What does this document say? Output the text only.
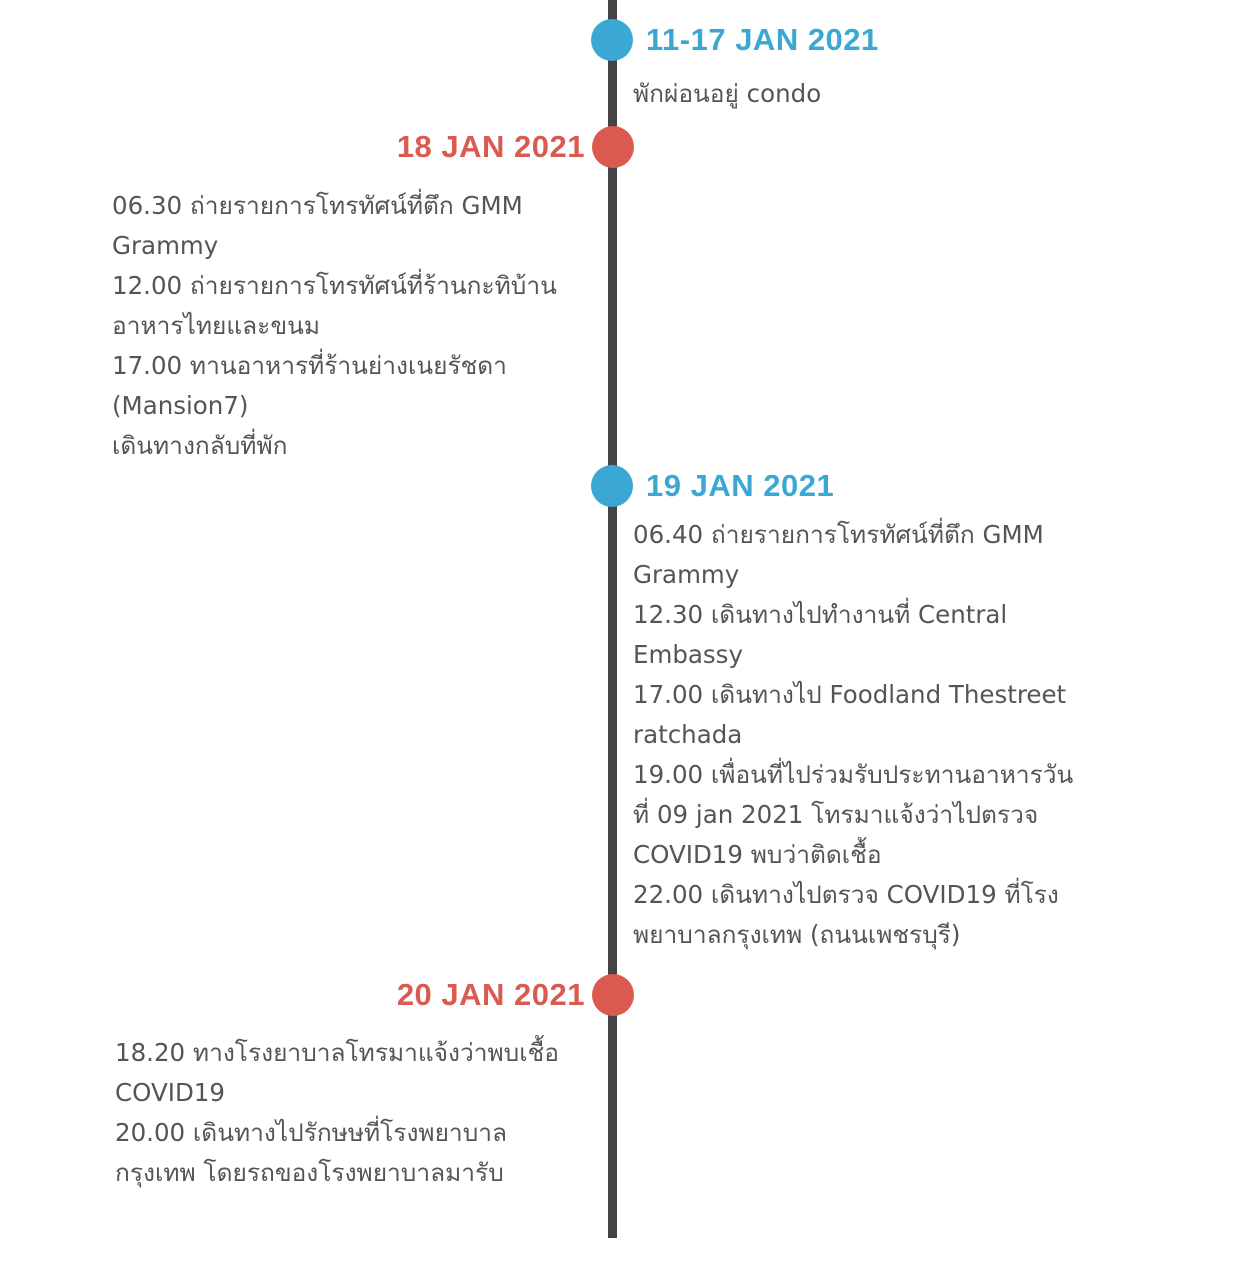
11-17 JAN 2021
พักผ่อนอยู่ condo
18 JAN 2021
06.30 ถ่ายรายการโทรทัศน์ที่ตึก GMM
Grammy
12.00 ถ่ายรายการโทรทัศน์ที่ร้านกะทิบ้าน
อาหารไทยและขนม
17.00 ทานอาหารที่ร้านย่างเนยรัชดา
(Mansion7)
เดินทางกลับที่พัก
19 JAN 2021
06.40 ถ่ายรายการโทรทัศน์ที่ตึก GMM
Grammy
12.30 เดินทางไปทำงานที่ Central
Embassy
17.00 เดินทางไป Foodland Thestreet
ratchada
19.00 เพื่อนที่ไปร่วมรับประทานอาหารวัน
ที่ 09 jan 2021 โทรมาแจ้งว่าไปตรวจ
COVID19 พบว่าติดเชื้อ
22.00 เดินทางไปตรวจ COVID19 ที่โรง
พยาบาลกรุงเทพ (ถนนเพชรบุรี)
20 JAN 2021
18.20 ทางโรงยาบาลโทรมาแจ้งว่าพบเชื้อ
COVID19
20.00 เดินทางไปรักษษที่โรงพยาบาล
กรุงเทพ โดยรถของโรงพยาบาลมารับ
